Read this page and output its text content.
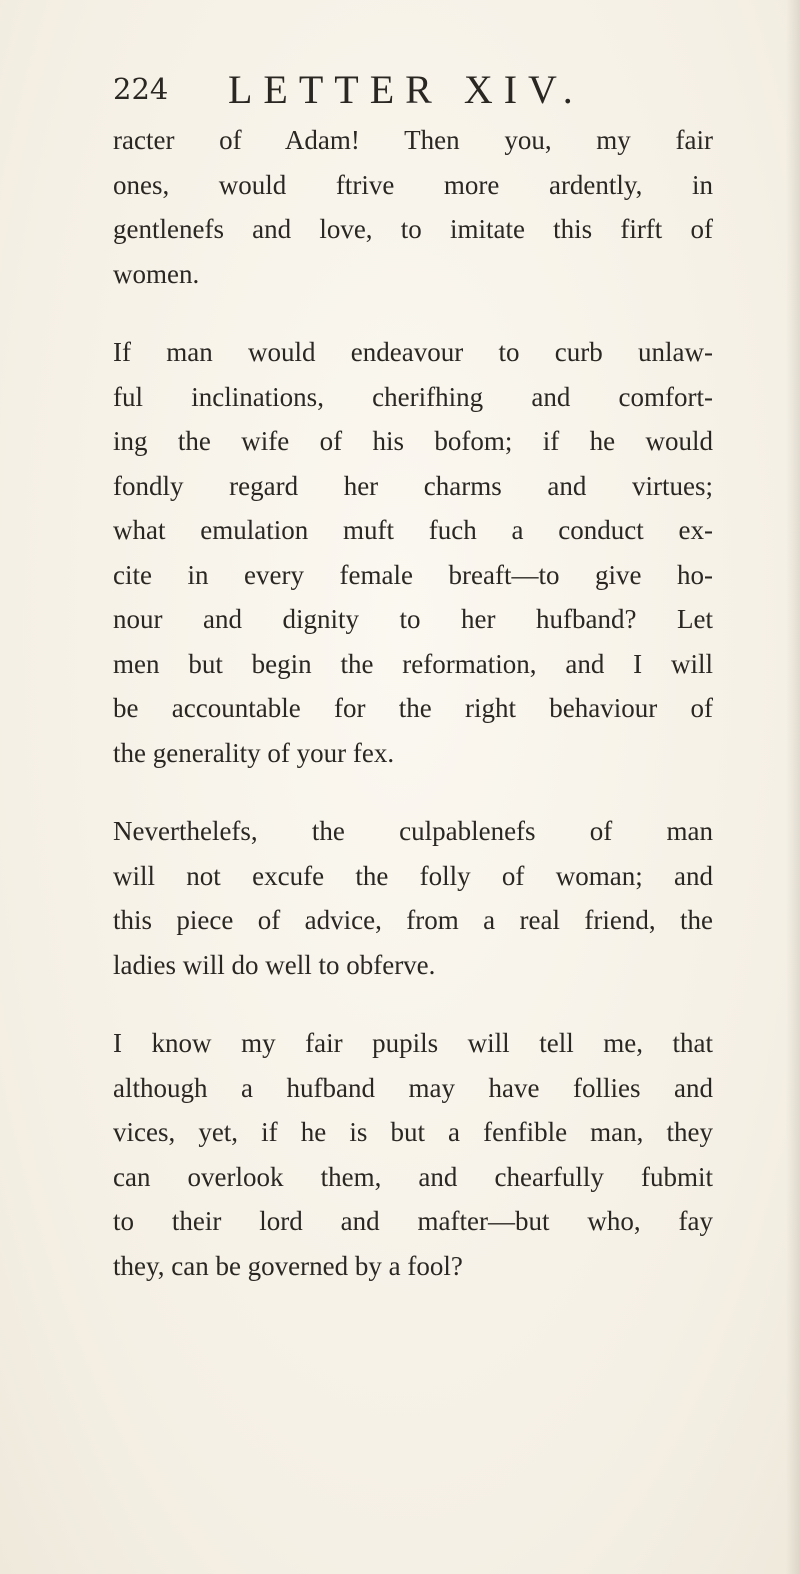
224 LETTER XIV.
racter of Adam! Then you, my fair
ones, would ftrive more ardently, in
gentlenefs and love, to imitate this firft of
women.
If man would endeavour to curb unlaw-
ful inclinations, cherifhing and comfort-
ing the wife of his bofom; if he would
fondly regard her charms and virtues;
what emulation muft fuch a conduct ex-
cite in every female breaft—to give ho-
nour and dignity to her hufband? Let
men but begin the reformation, and I will
be accountable for the right behaviour of
the generality of your fex.
Neverthelefs, the culpablenefs of man
will not excufe the folly of woman; and
this piece of advice, from a real friend, the
ladies will do well to obferve.
I know my fair pupils will tell me, that
although a hufband may have follies and
vices, yet, if he is but a fenfible man, they
can overlook them, and chearfully fubmit
to their lord and mafter—but who, fay
they, can be governed by a fool?
